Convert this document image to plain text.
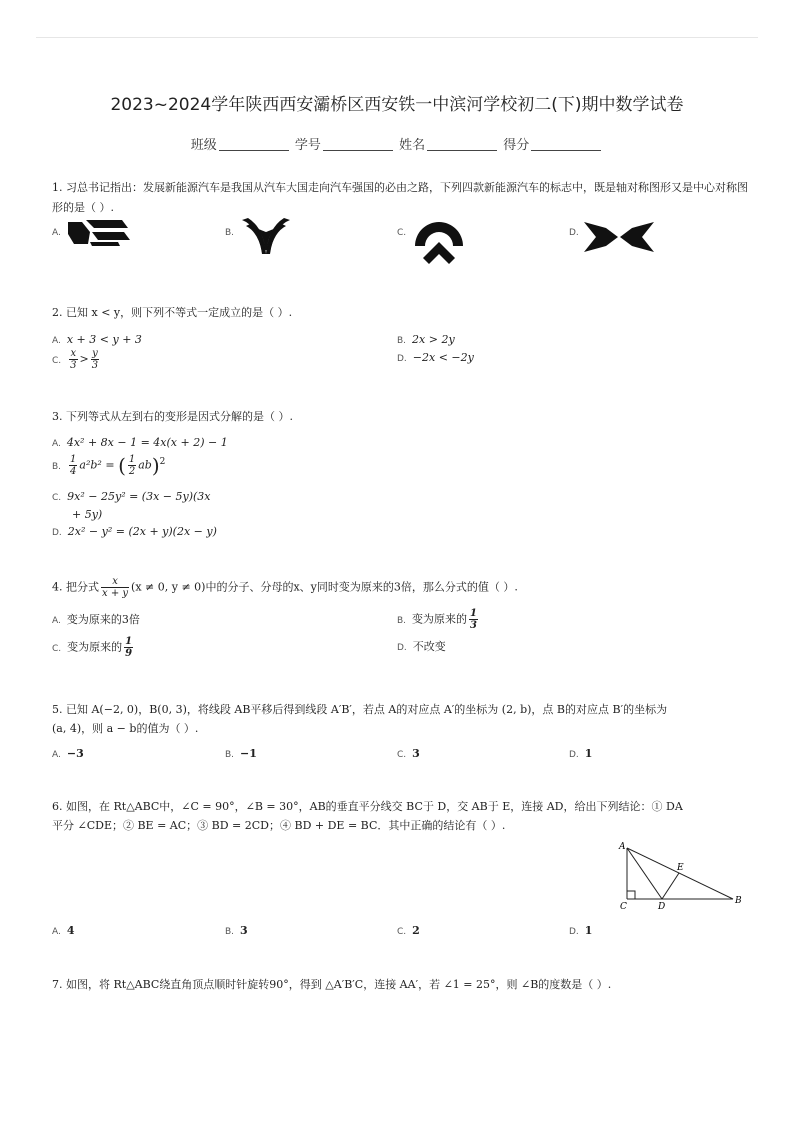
2023~2024学年陕西西安灞桥区西安铁一中滨河学校初二(下)期中数学试卷
班级	学号	姓名	得分
1. 习总书记指出：发展新能源汽车是我国从汽车大国走向汽车强国的必由之路，下列四款新能源汽车的标志中，既是轴对称图形又是中心对称图形的是（ ）.
A.	B.	C.	D.
2. 已知 x < y，则下列不等式一定成立的是（ ）.
A. x + 3 < y + 3	B. 2x > 2y
C. $\frac{x}{3} > \frac{y}{3}$	D. −2x < −2y
3. 下列等式从左到右的变形是因式分解的是（ ）.
A. 4x² + 8x − 1 = 4x(x + 2) − 1
B. $\frac{1}{4} a^2b^2$ = ( $\frac{1}{2} ab)^2$
C. 9x² − 25y² = (3x − 5y)(3x
+ 5y)
D. 2x² − y² = (2x + y)(2x − y)
4. 把分式 $\frac{x}{x + y} (x \ne 0$, y ≠ 0)中的分子、分母的x、y同时变为原来的3倍，那么分式的值（ ）.
A. 变为原来的3倍	B. 变为原来的 $\frac{1}{3}$
C. 变为原来的 $\frac{1}{9}$	D. 不改变
5. 已知 A(−2, 0)，B(0, 3)，将线段 AB平移后得到线段 A′B′，若点 A的对应点 A′的坐标为 (2, b)，点 B的对应点 B′的坐标为
(a, 4)，则 a − b的值为（ ）.
A. −3	B. −1	C. 3	D. 1
6. 如图，在 Rt△ABC中，∠C = 90°，∠B = 30°，AB的垂直平分线交 BC于 D，交 AB于 E，连接 AD，给出下列结论：① DA
平分 ∠CDE；② BE = AC；③ BD = 2CD；④ BD + DE = BC．其中正确的结论有（ ）.
A
C	D
E
B
A. 4	B. 3	C. 2	D. 1
7. 如图，将 Rt△ABC绕直角顶点顺时针旋转90°，得到 △A′B′C，连接 AA′，若 ∠1 = 25°，则 ∠B的度数是（ ）.
